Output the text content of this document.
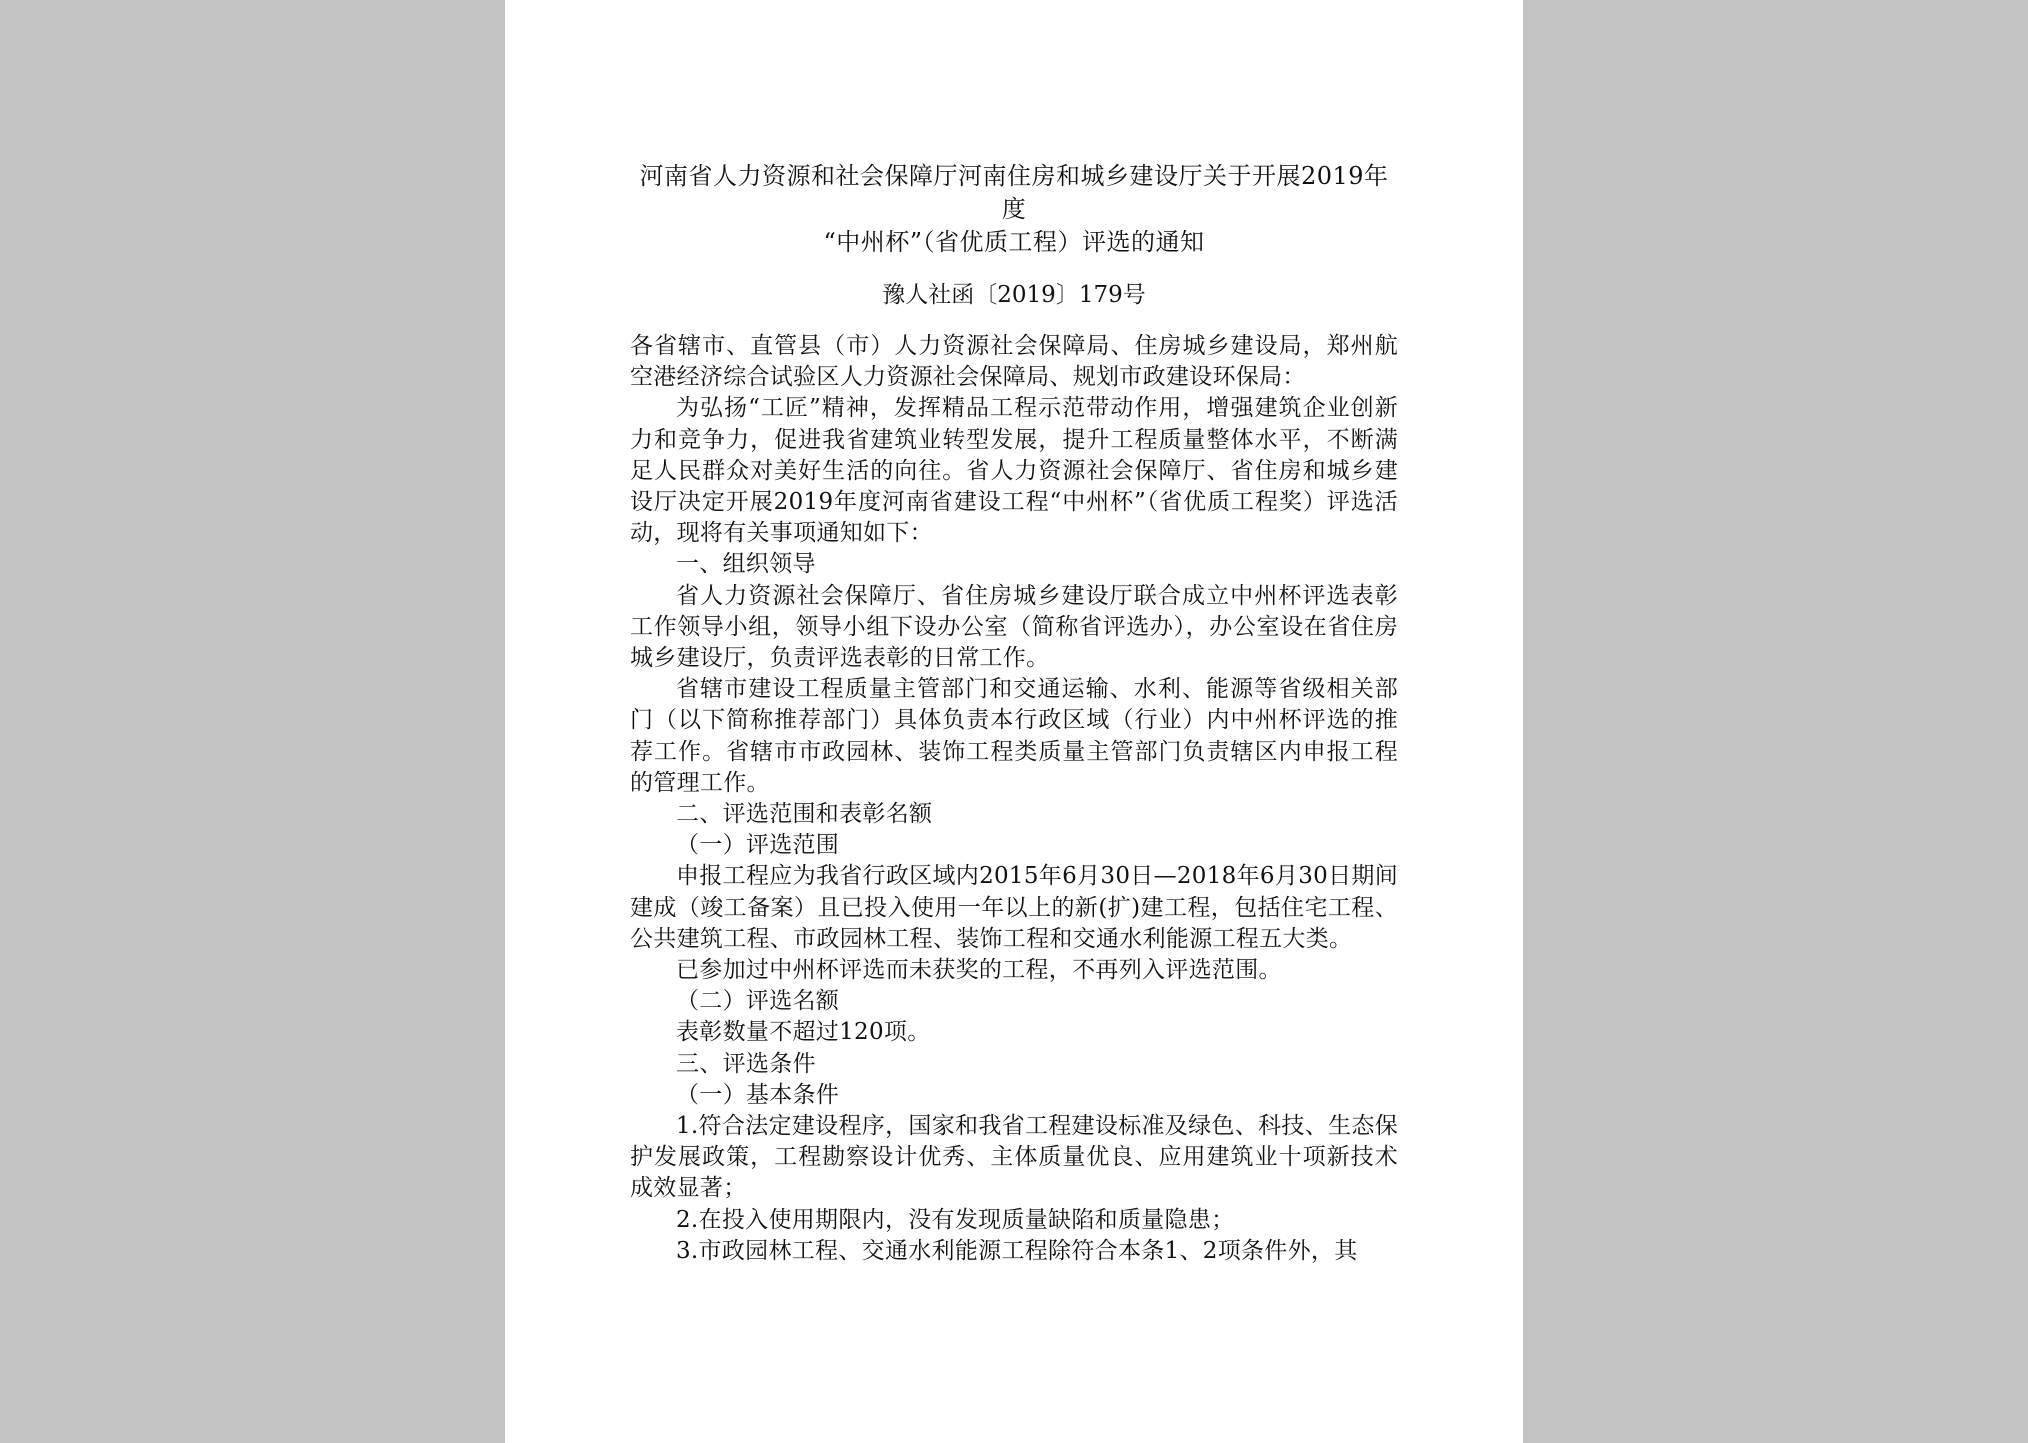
河南省人力资源和社会保障厅河南住房和城乡建设厅关于开展2019年度
“中州杯”（省优质工程）评选的通知
豫人社函〔2019〕179号

各省辖市、直管县（市）人力资源社会保障局、住房城乡建设局，郑州航空港经济综合试验区人力资源社会保障局、规划市政建设环保局：

为弘扬“工匠”精神，发挥精品工程示范带动作用，增强建筑企业创新力和竞争力，促进我省建筑业转型发展，提升工程质量整体水平，不断满足人民群众对美好生活的向往。省人力资源社会保障厅、省住房和城乡建设厅决定开展2019年度河南省建设工程“中州杯”（省优质工程奖）评选活动，现将有关事项通知如下：

一、组织领导

省人力资源社会保障厅、省住房城乡建设厅联合成立中州杯评选表彰工作领导小组，领导小组下设办公室（简称省评选办），办公室设在省住房城乡建设厅，负责评选表彰的日常工作。

省辖市建设工程质量主管部门和交通运输、水利、能源等省级相关部门（以下简称推荐部门）具体负责本行政区域（行业）内中州杯评选的推荐工作。省辖市市政园林、装饰工程类质量主管部门负责辖区内申报工程的管理工作。

二、评选范围和表彰名额

（一）评选范围

申报工程应为我省行政区域内2015年6月30日—2018年6月30日期间建成（竣工备案）且已投入使用一年以上的新(扩)建工程，包括住宅工程、公共建筑工程、市政园林工程、装饰工程和交通水利能源工程五大类。

已参加过中州杯评选而未获奖的工程，不再列入评选范围。

（二）评选名额

表彰数量不超过120项。

三、评选条件

（一）基本条件

1.符合法定建设程序，国家和我省工程建设标准及绿色、科技、生态保护发展政策，工程勘察设计优秀、主体质量优良、应用建筑业十项新技术成效显著；

2.在投入使用期限内，没有发现质量缺陷和质量隐患；

3.市政园林工程、交通水利能源工程除符合本条1、2项条件外，其
